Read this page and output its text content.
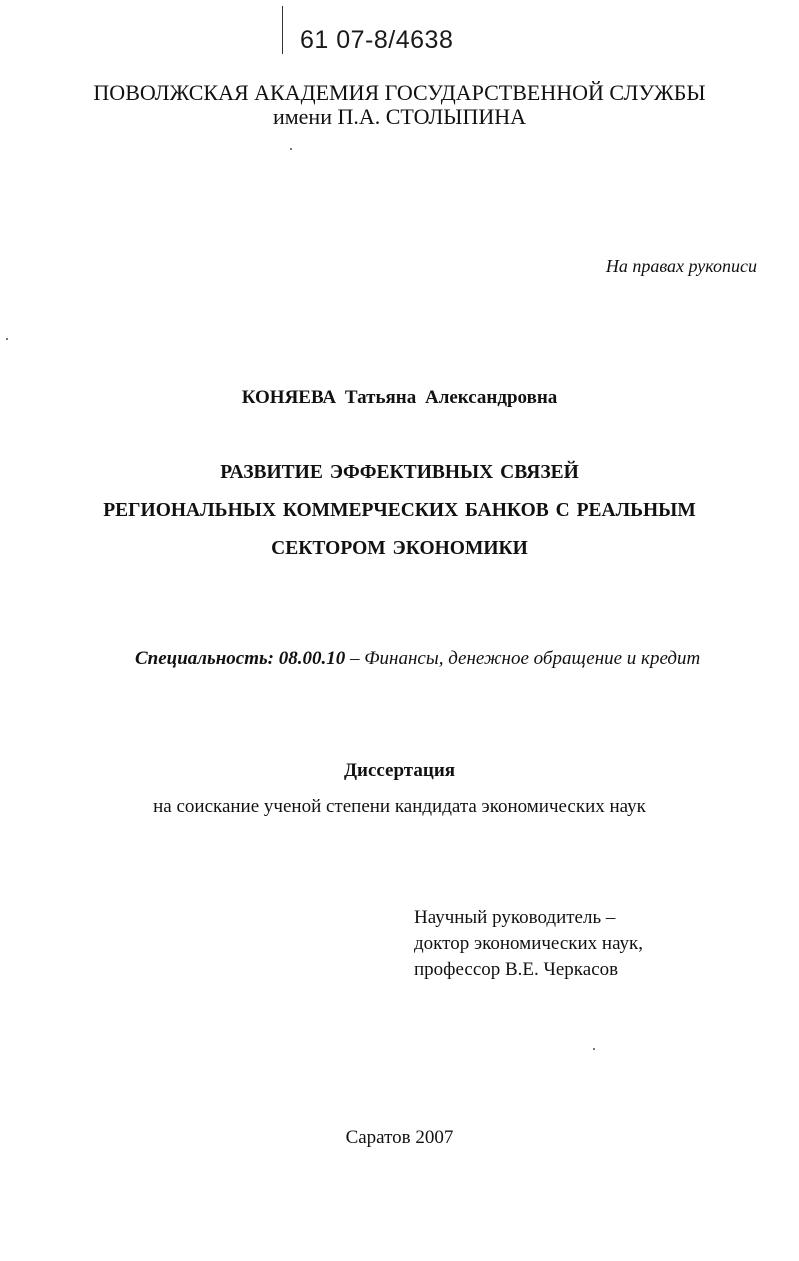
61 07-8/4638
ПОВОЛЖСКАЯ АКАДЕМИЯ ГОСУДАРСТВЕННОЙ СЛУЖБЫ
имени П.А. СТОЛЫПИНА
На правах рукописи
КОНЯЕВА Татьяна Александровна
РАЗВИТИЕ ЭФФЕКТИВНЫХ СВЯЗЕЙ
РЕГИОНАЛЬНЫХ КОММЕРЧЕСКИХ БАНКОВ С РЕАЛЬНЫМ
СЕКТОРОМ ЭКОНОМИКИ
Специальность: 08.00.10 – Финансы, денежное обращение и кредит
Диссертация
на соискание ученой степени кандидата экономических наук
Научный руководитель –
доктор экономических наук,
профессор В.Е. Черкасов
Саратов 2007
